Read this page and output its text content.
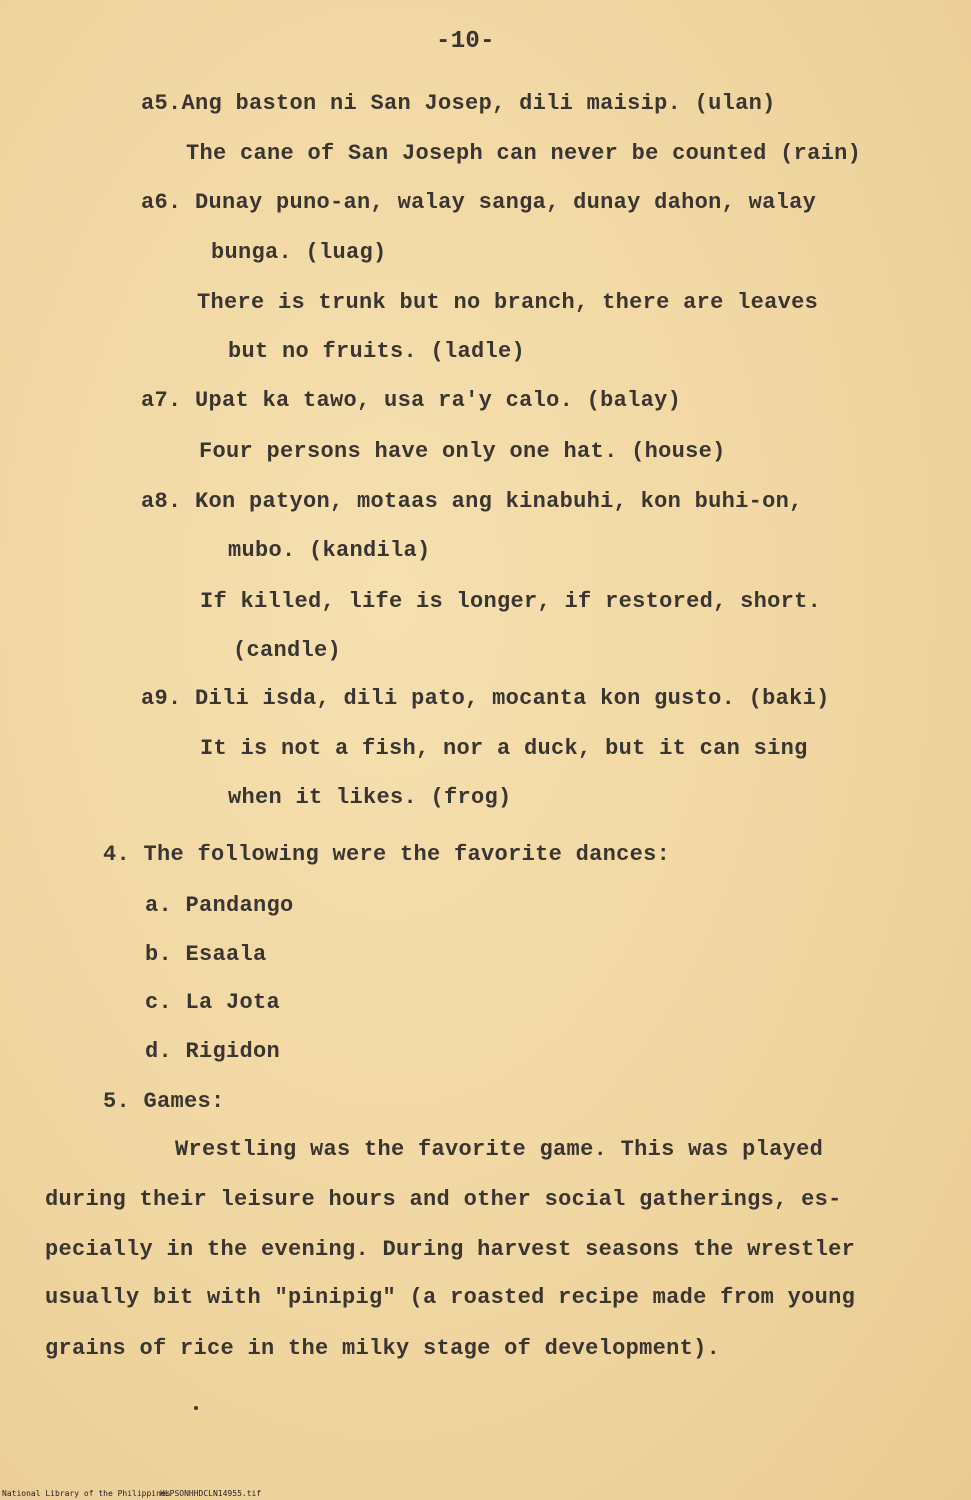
-10-
a5.Ang baston ni San Josep, dili maisip. (ulan)
The cane of San Joseph can never be counted (rain)
a6. Dunay puno-an, walay sanga, dunay dahon, walay
bunga. (luag)
There is trunk but no branch, there are leaves
but no fruits. (ladle)
a7. Upat ka tawo, usa ra'y calo. (balay)
Four persons have only one hat. (house)
a8. Kon patyon, motaas ang kinabuhi, kon buhi-on,
mubo. (kandila)
If killed, life is longer, if restored, short.
(candle)
a9. Dili isda, dili pato, mocanta kon gusto. (baki)
It is not a fish, nor a duck, but it can sing
when it likes. (frog)
4. The following were the favorite dances:
a. Pandango
b. Esaala
c. La Jota
d. Rigidon
5. Games:
Wrestling was the favorite game. This was played
during their leisure hours and other social gatherings, es-
pecially in the evening. During harvest seasons the wrestler
usually bit with "pinipig" (a roasted recipe made from young
grains of rice in the milky stage of development).
National Library of the Philippines
HLPSONHHDCLN14955.tif
